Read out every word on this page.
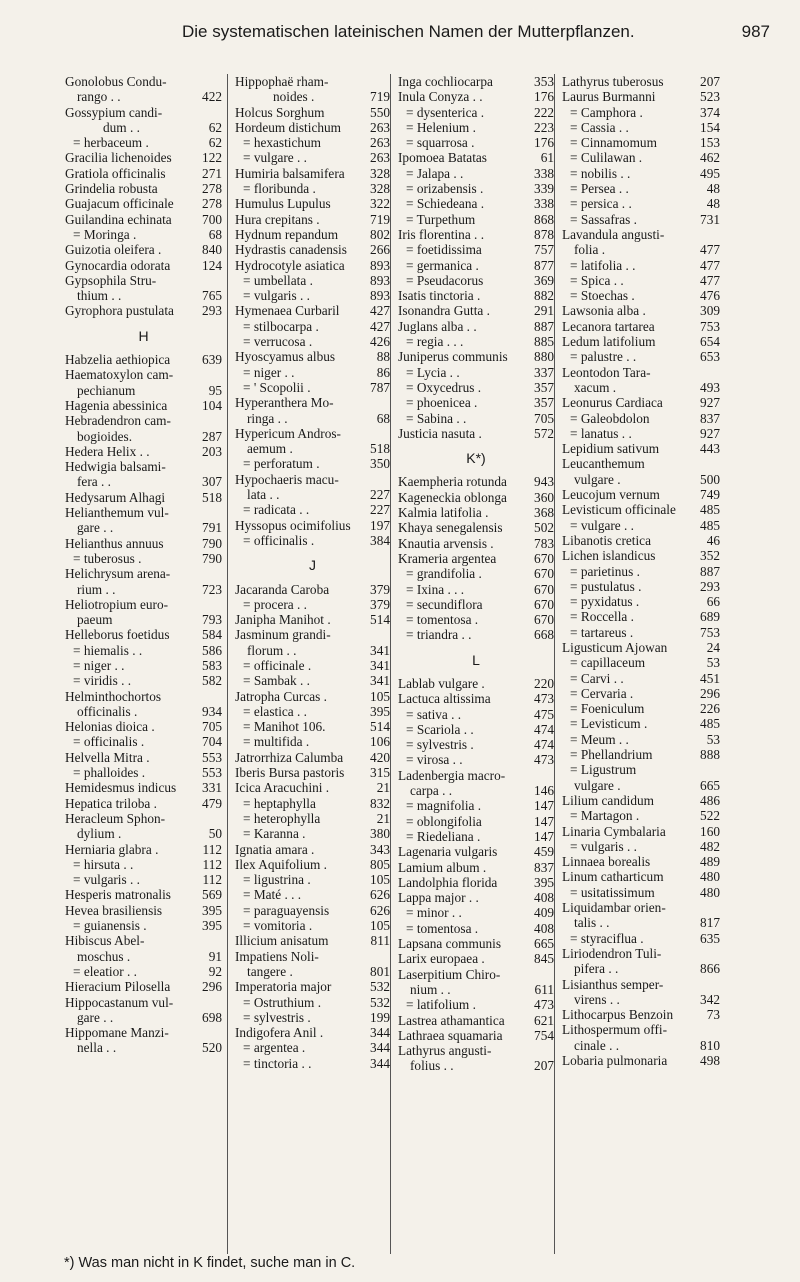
Die systematischen lateinischen Namen der Mutterpflanzen.	987
Gonolobus Condu-
rango . .	422
Gossypium candi-
dum . .	62
= herbaceum .	62
Gracilia lichenoides 122
Gratiola officinalis	271
Grindelia robusta	278
Guajacum officinale 278
Guilandina echinata 700
= Moringa .	68
Guizotia oleifera .	840
Gynocardia odorata 124
Gypsophila Stru-
thium . .	765
Gyrophora pustulata 293
H
Habzelia aethiopica 639
Haematoxylon cam-
pechianum	95
Hagenia abessinica	104
Hebradendron cam-
bogioides.	287
Hedera Helix . .	203
Hedwigia balsami-
fera . .	307
Hedysarum Alhagi	518
Helianthemum vul-
gare . .	791
Helianthus annuus	790
= tuberosus .	790
Helichrysum arena-
rium . .	723
Heliotropium euro-
paeum	793
Helleborus foetidus 584
= hiemalis . .	586
= niger . .	583
= viridis . .	582
Helminthochortos
officinalis .	934
Helonias dioica .	705
= officinalis .	704
Helvella Mitra .	553
= phalloides .	553
Hemidesmus indicus 331
Hepatica triloba .	479
Heracleum Sphon-
dylium .	50
Herniaria glabra .	112
= hirsuta . .	112
= vulgaris . .	112
Hesperis matronalis 569
Hevea brasiliensis	395
= guianensis .	395
Hibiscus Abel-
moschus .	91
= eleatior . .	92
Hieracium Pilosella 296
Hippocastanum vul-
gare . .	698
Hippomane Manzi-
nella . .	520
Hippophaë rham-
noides .	719
Holcus Sorghum	550
Hordeum distichum 263
= hexastichum	263
= vulgare . .	263
Humiria balsamifera 328
= floribunda .	328
Humulus Lupulus	322
Hura crepitans .	719
Hydnum repandum 802
Hydrastis canadensis 266
Hydrocotyle asiatica 893
= umbellata .	893
= vulgaris . .	893
Hymenaea Curbaril 427
= stilbocarpa .	427
= verrucosa .	426
Hyoscyamus albus	88
= niger . .	86
= ' Scopolii .	787
Hyperanthera Mo-
ringa . .	68
Hypericum Andros-
aemum .	518
= perforatum .	350
Hypochaeris macu-
lata . .	227
= radicata . .	227
Hyssopus ocimifolius 197
= officinalis .	384
J
Jacaranda Caroba	379
= procera . .	379
Janipha Manihot .	514
Jasminum grandi-
florum . .	341
= officinale .	341
= Sambak . .	341
Jatropha Curcas .	105
= elastica . .	395
= Manihot 106.	514
= multifida .	106
Jatrorrhiza Calumba 420
Iberis Bursa pastoris 315
Icica Aracuchini .	21
= heptaphylla	832
= heterophylla	21
= Karanna .	380
Ignatia amara .	343
Ilex Aquifolium .	805
= ligustrina .	105
= Maté . . .	626
= paraguayensis	626
= vomitoria .	105
Illicium anisatum	811
Impatiens Noli-
tangere .	801
Imperatoria major	532
= Ostruthium .	532
= sylvestris .	199
Indigofera Anil .	344
= argentea .	344
= tinctoria . .	344
Inga cochliocarpa	353
Inula Conyza . .	176
= dysenterica .	222
= Helenium .	223
= squarrosa .	176
Ipomoea Batatas	61
= Jalapa . .	338
= orizabensis .	339
= Schiedeana .	338
= Turpethum	868
Iris florentina . .	878
= foetidissima	757
= germanica .	877
= Pseudacorus	369
Isatis tinctoria .	882
Isonandra Gutta .	291
Juglans alba . .	887
= regia . . .	885
Juniperus communis 880
= Lycia . .	337
= Oxycedrus .	357
= phoenicea .	357
= Sabina . .	705
Justicia nasuta .	572
K*)
Kaempheria rotunda 943
Kageneckia oblonga 360
Kalmia latifolia .	368
Khaya senegalensis 502
Knautia arvensis .	783
Krameria argentea	670
= grandifolia .	670
= Ixina . . .	670
= secundiflora	670
= tomentosa .	670
= triandra . .	668
L
Lablab vulgare .	220
Lactuca altissima	473
= sativa . .	475
= Scariola . .	474
= sylvestris .	474
= virosa . .	473
Ladenbergia macro-
carpa . .	146
= magnifolia .	147
= oblongifolia	147
= Riedeliana .	147
Lagenaria vulgaris	459
Lamium album .	837
Landolphia florida	395
Lappa major . .	408
= minor . .	409
= tomentosa .	408
Lapsana communis 665
Larix europaea .	845
Laserpitium Chiro-
nium . .	611
= latifolium .	473
Lastrea athamantica 621
Lathraea squamaria 754
Lathyrus angusti-
folius . .	207
Lathyrus tuberosus	207
Laurus Burmanni	523
= Camphora .	374
= Cassia . .	154
= Cinnamomum	153
= Culilawan .	462
= nobilis . .	495
= Persea . .	48
= persica . .	48
= Sassafras .	731
Lavandula angusti-
folia .	477
= latifolia . .	477
= Spica . .	477
= Stoechas .	476
Lawsonia alba .	309
Lecanora tartarea	753
Ledum latifolium	654
= palustre . .	653
Leontodon Tara-
xacum .	493
Leonurus Cardiaca	927
= Galeobdolon	837
= lanatus . .	927
Lepidium sativum	443
Leucanthemum
vulgare .	500
Leucojum vernum	749
Levisticum officinale 485
= vulgare . .	485
Libanotis cretica	46
Lichen islandicus	352
= parietinus .	887
= pustulatus .	293
= pyxidatus .	66
= Roccella .	689
= tartareus .	753
Ligusticum Ajowan	24
= capillaceum	53
= Carvi . .	451
= Cervaria .	296
= Foeniculum	226
= Levisticum .	485
= Meum . .	53
= Phellandrium	888
= Ligustrum
vulgare .	665
Lilium candidum	486
= Martagon .	522
Linaria Cymbalaria	160
= vulgaris . .	482
Linnaea borealis	489
Linum catharticum	480
= usitatissimum	480
Liquidambar orien-
talis . .	817
= styraciflua .	635
Liriodendron Tuli-
pifera . .	866
Lisianthus semper-
virens . .	342
Lithocarpus Benzoin	73
Lithospermum offi-
cinale . .	810
Lobaria pulmonaria 498
*) Was man nicht in K findet, suche man in C.
